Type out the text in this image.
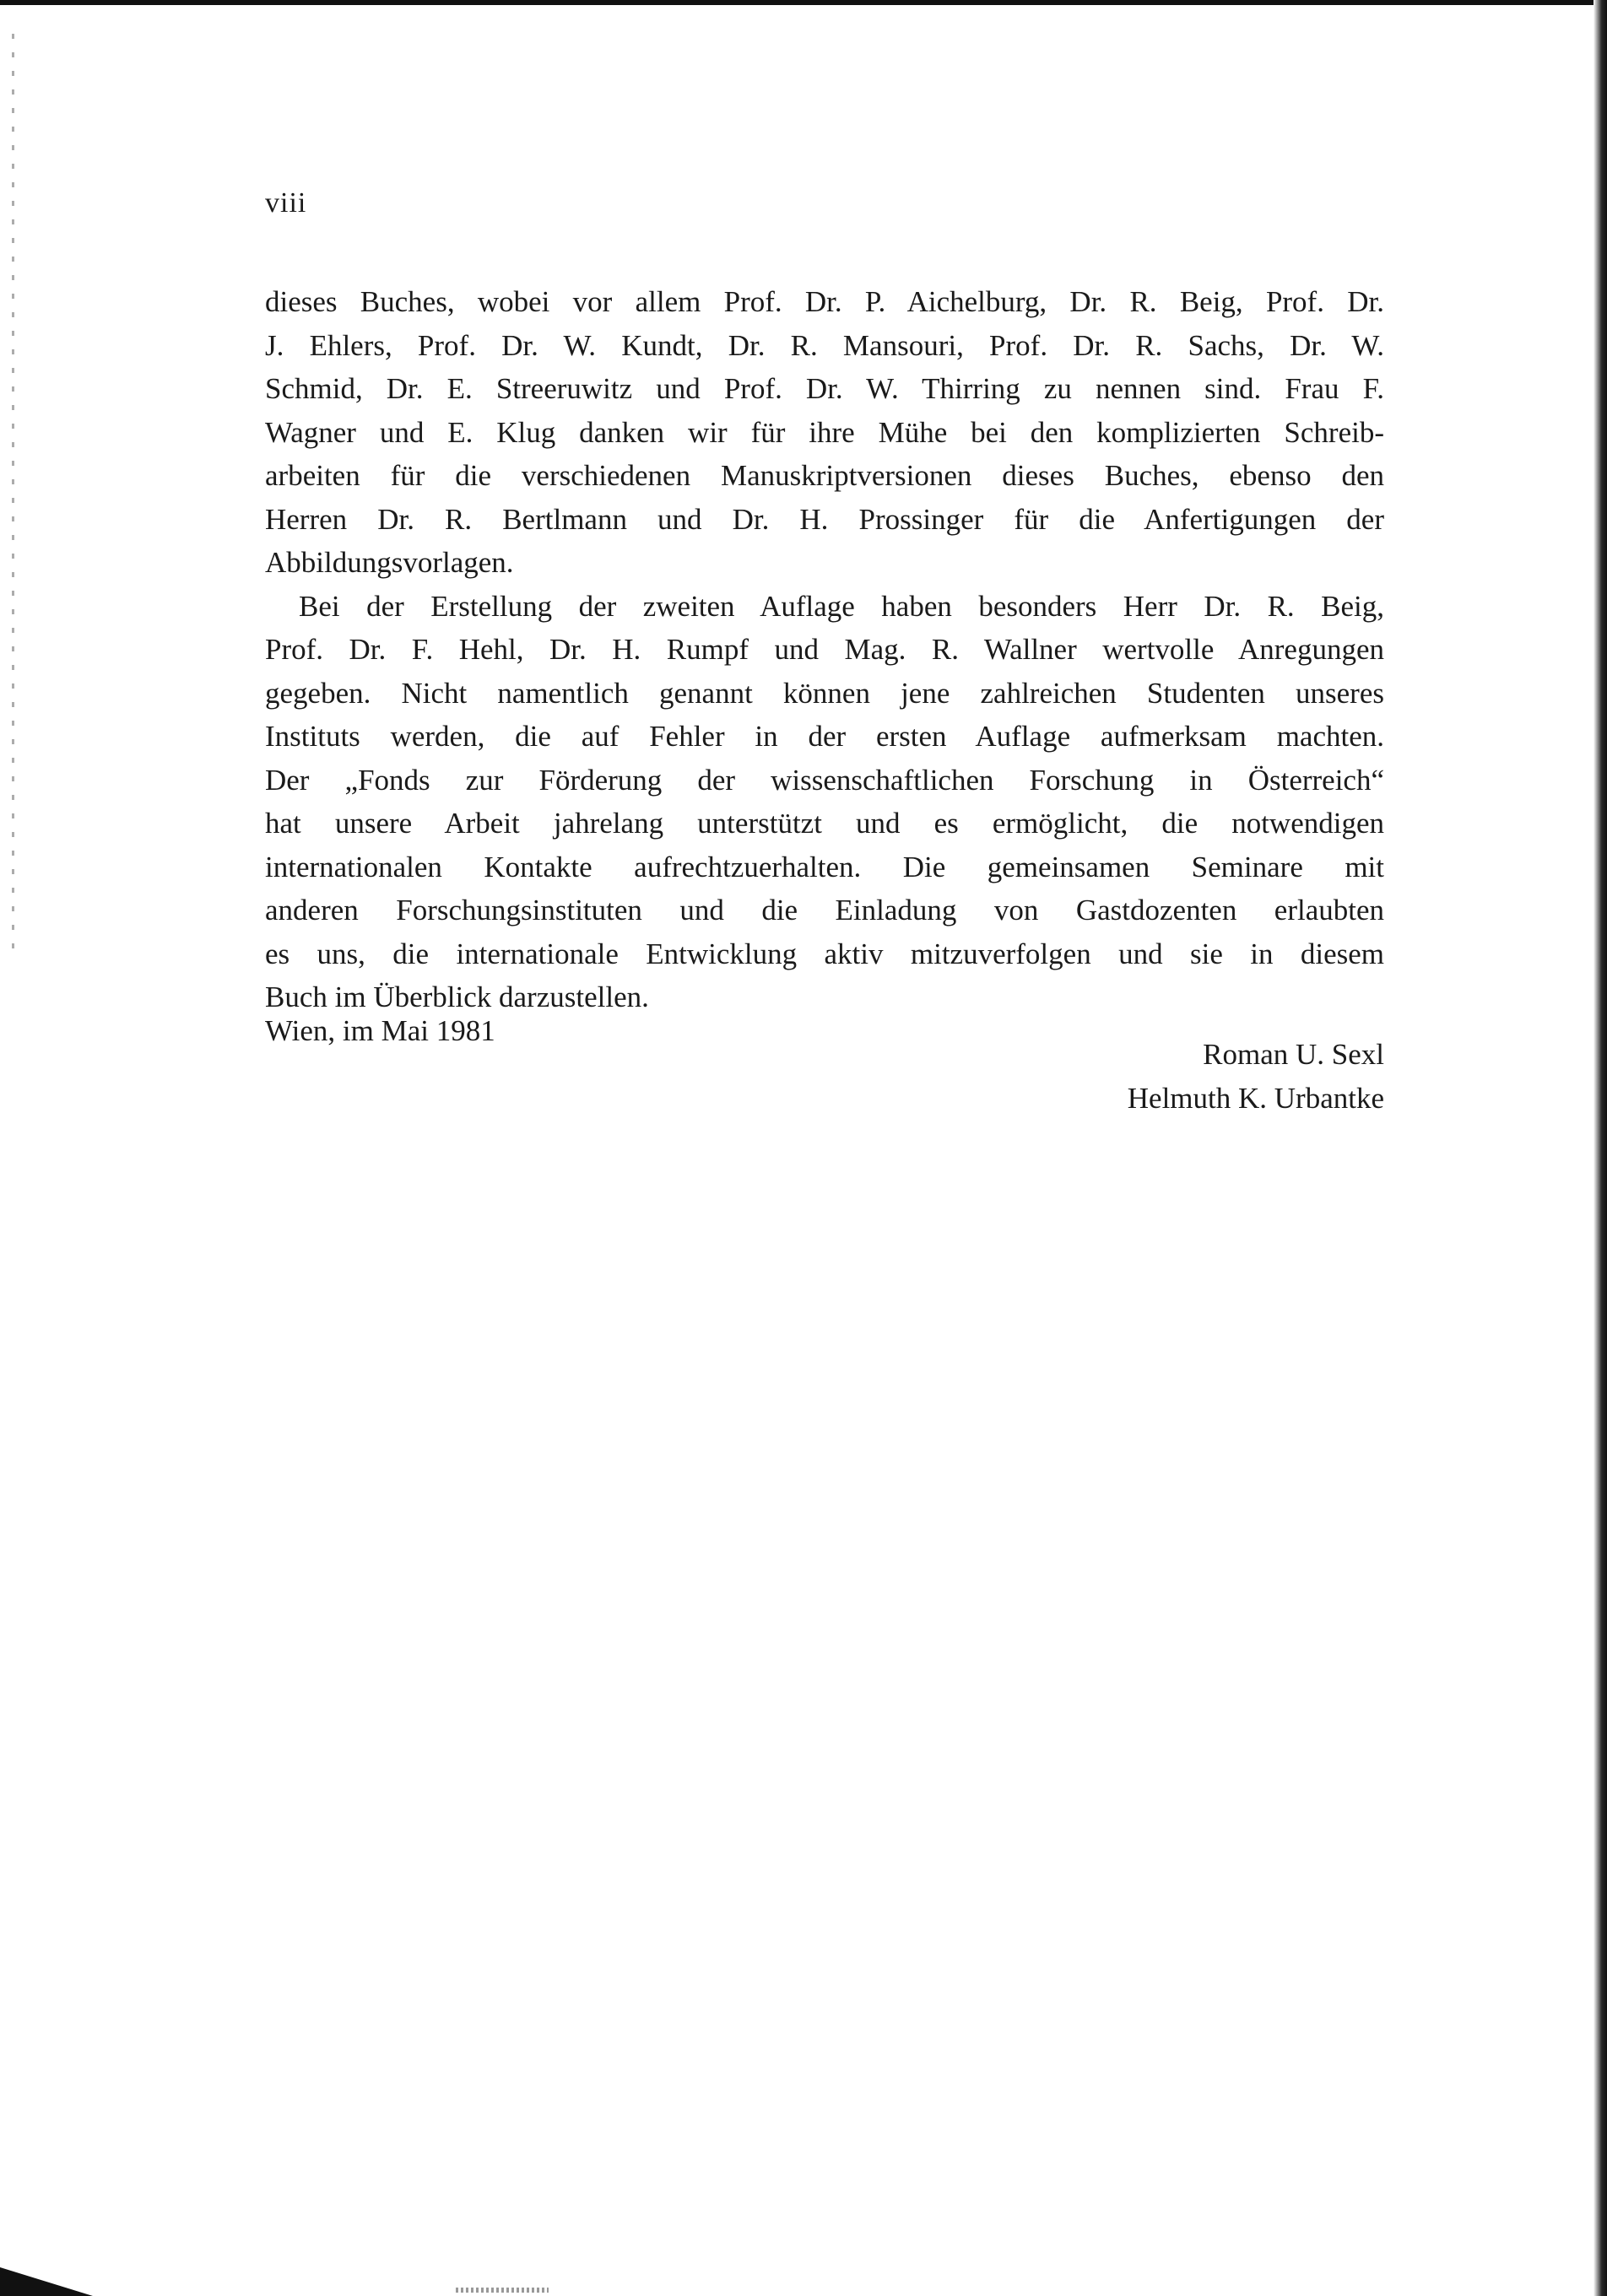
viii

dieses Buches, wobei vor allem Prof. Dr. P. Aichelburg, Dr. R. Beig, Prof. Dr.
J. Ehlers, Prof. Dr. W. Kundt, Dr. R. Mansouri, Prof. Dr. R. Sachs, Dr. W.
Schmid, Dr. E. Streeruwitz und Prof. Dr. W. Thirring zu nennen sind. Frau F.
Wagner und E. Klug danken wir für ihre Mühe bei den komplizierten Schreib-
arbeiten für die verschiedenen Manuskriptversionen dieses Buches, ebenso den
Herren Dr. R. Bertlmann und Dr. H. Prossinger für die Anfertigungen der
Abbildungsvorlagen.

Bei der Erstellung der zweiten Auflage haben besonders Herr Dr. R. Beig,
Prof. Dr. F. Hehl, Dr. H. Rumpf und Mag. R. Wallner wertvolle Anregungen
gegeben. Nicht namentlich genannt können jene zahlreichen Studenten unseres
Instituts werden, die auf Fehler in der ersten Auflage aufmerksam machten.
Der „Fonds zur Förderung der wissenschaftlichen Forschung in Österreich“
hat unsere Arbeit jahrelang unterstützt und es ermöglicht, die notwendigen
internationalen Kontakte aufrechtzuerhalten. Die gemeinsamen Seminare mit
anderen Forschungsinstituten und die Einladung von Gastdozenten erlaubten
es uns, die internationale Entwicklung aktiv mitzuverfolgen und sie in diesem
Buch im Überblick darzustellen.

Wien, im Mai 1981
Roman U. Sexl
Helmuth K. Urbantke
